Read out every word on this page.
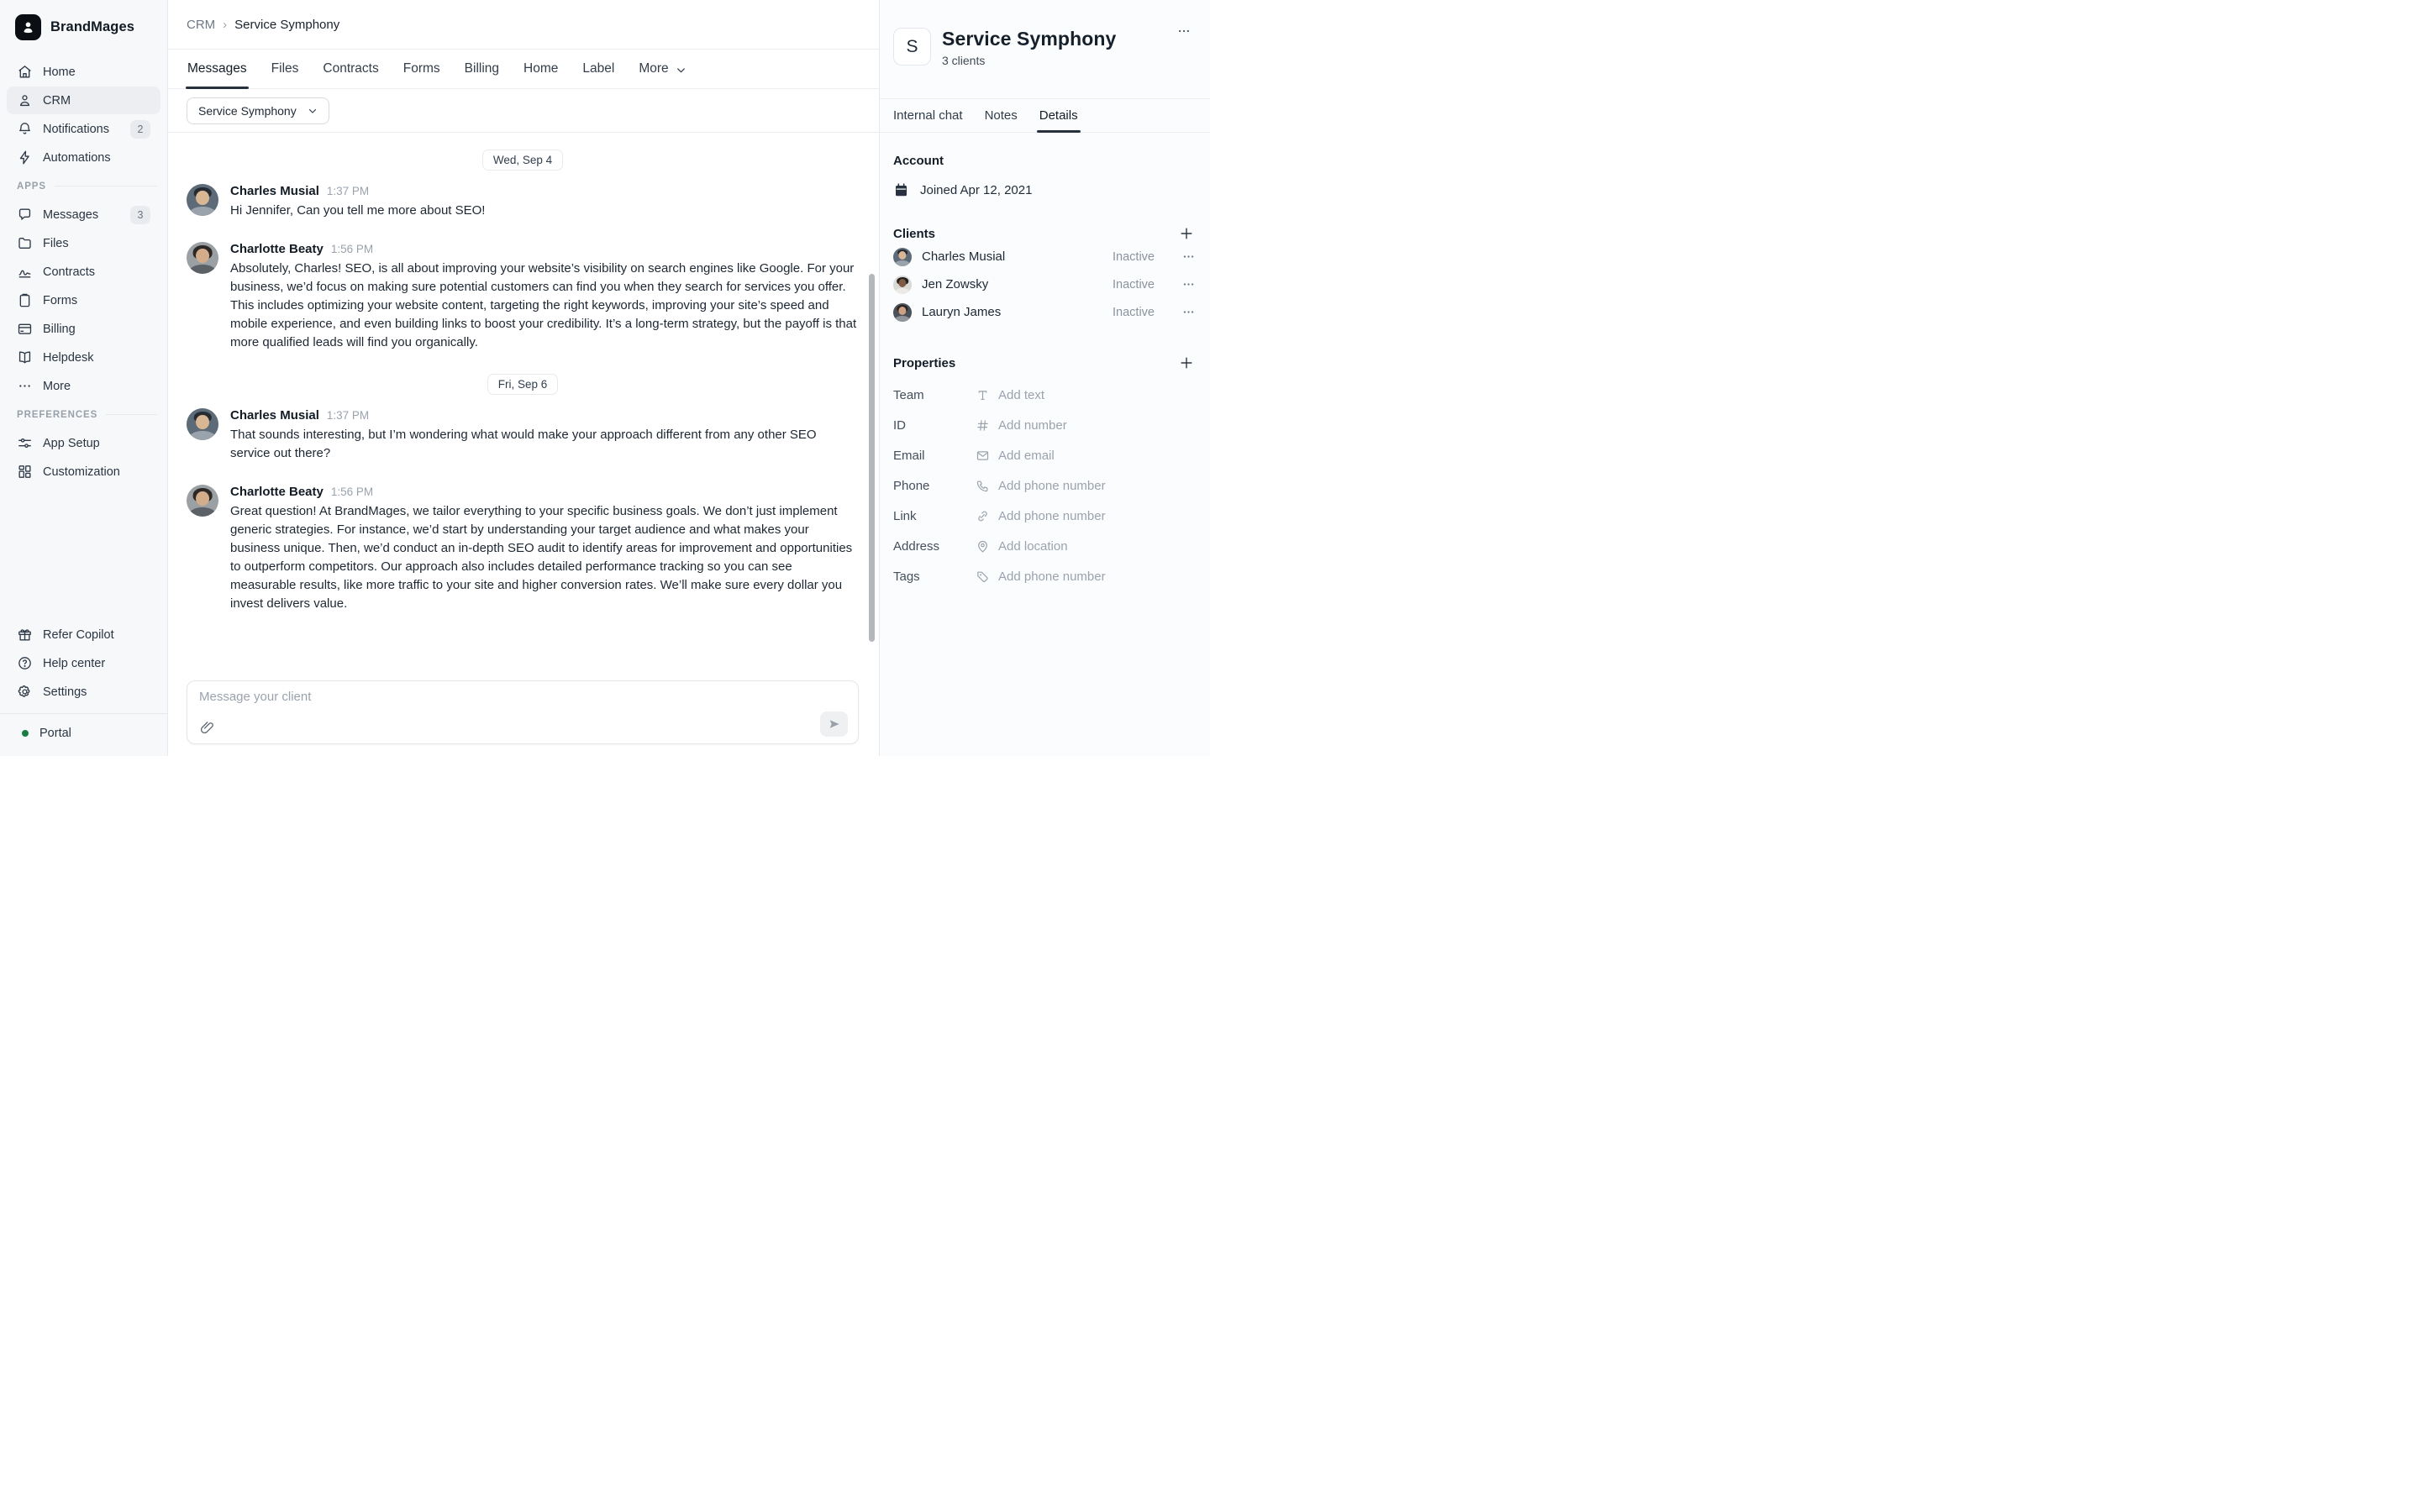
BrandMages
Home
CRM
Notifications	2
Automations
APPS
Messages	3
Files
Contracts
Forms
Billing
Helpdesk
More
PREFERENCES
App Setup
Customization
Refer Copilot
Help center
Settings
Portal
CRM › Service Symphony
Messages Files Contracts Forms Billing Home Label More
Service Symphony
Wed, Sep 4
Charles Musial 1:37 PM
Hi Jennifer, Can you tell me more about SEO!
Charlotte Beaty 1:56 PM
Absolutely, Charles! SEO, is all about improving your website’s visibility on search engines like Google. For your business, we’d focus on making sure potential customers can find you when they search for services you offer. This includes optimizing your website content, targeting the right keywords, improving your site’s speed and mobile experience, and even building links to boost your credibility. It’s a long-term strategy, but the payoff is that more qualified leads will find you organically.
Fri, Sep 6
Charles Musial 1:37 PM
That sounds interesting, but I’m wondering what would make your approach different from any other SEO service out there?
Charlotte Beaty 1:56 PM
Great question! At BrandMages, we tailor everything to your specific business goals. We don’t just implement generic strategies. For instance, we’d start by understanding your target audience and what makes your business unique. Then, we’d conduct an in-depth SEO audit to identify areas for improvement and opportunities to outperform competitors. Our approach also includes detailed performance tracking so you can see measurable results, like more traffic to your site and higher conversion rates. We’ll make sure every dollar you invest delivers value.
Message your client
S Service Symphony
3 clients
Internal chat Notes Details
Account
Joined Apr 12, 2021
Clients
Charles Musial	Inactive
Jen Zowsky	Inactive
Lauryn James	Inactive
Properties
Team	Add text
ID	Add number
Email	Add email
Phone	Add phone number
Link	Add phone number
Address	Add location
Tags	Add phone number
